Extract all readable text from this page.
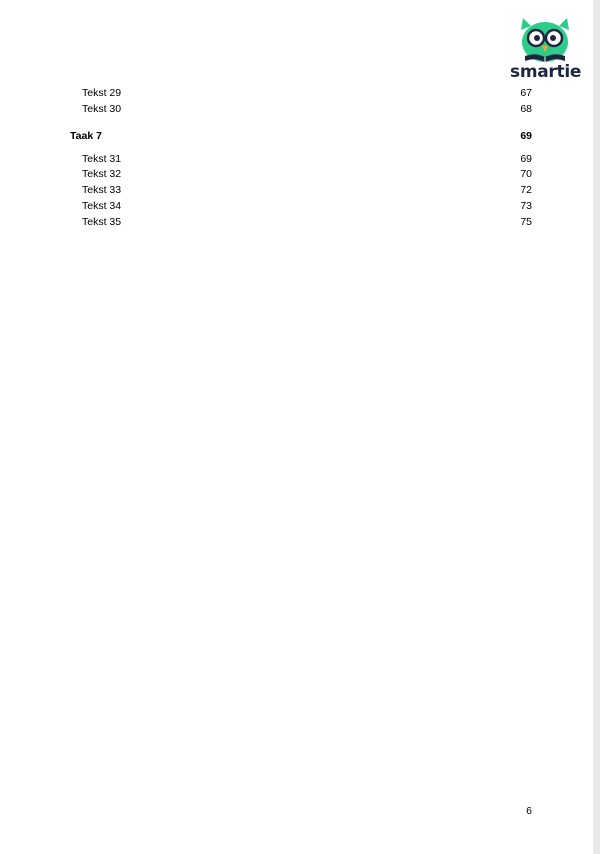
smartie
Tekst 29	67
Tekst 30	68
Taak 7	69
Tekst 31	69
Tekst 32	70
Tekst 33	72
Tekst 34	73
Tekst 35	75
6
